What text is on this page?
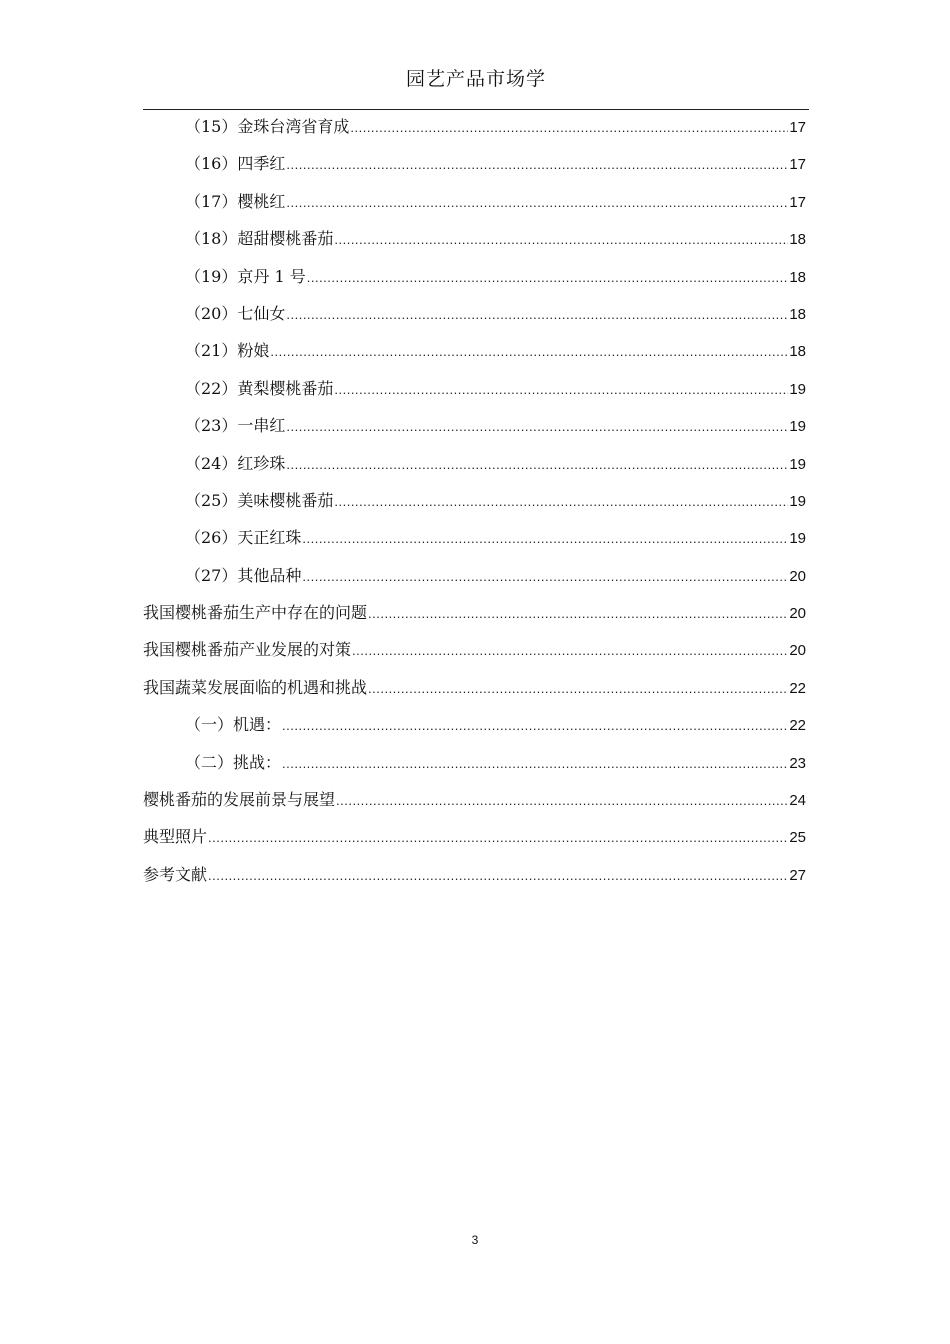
园艺产品市场学
（15）金珠台湾省育成 .....	17
（16）四季红 .....	17
（17）樱桃红 .....	17
（18）超甜樱桃番茄 .....	18
（19）京丹 1 号 .....	18
（20）七仙女 .....	18
（21）粉娘 .....	18
（22）黄梨樱桃番茄 .....	19
（23）一串红 .....	19
（24）红珍珠 .....	19
（25）美味樱桃番茄 .....	19
（26）天正红珠 .....	19
（27）其他品种 .....	20
我国樱桃番茄生产中存在的问题 .....	20
我国樱桃番茄产业发展的对策 .....	20
我国蔬菜发展面临的机遇和挑战 .....	22
（一）机遇： .....	22
（二）挑战： .....	23
樱桃番茄的发展前景与展望 .....	24
典型照片 .....	25
参考文献 .....	27
3
